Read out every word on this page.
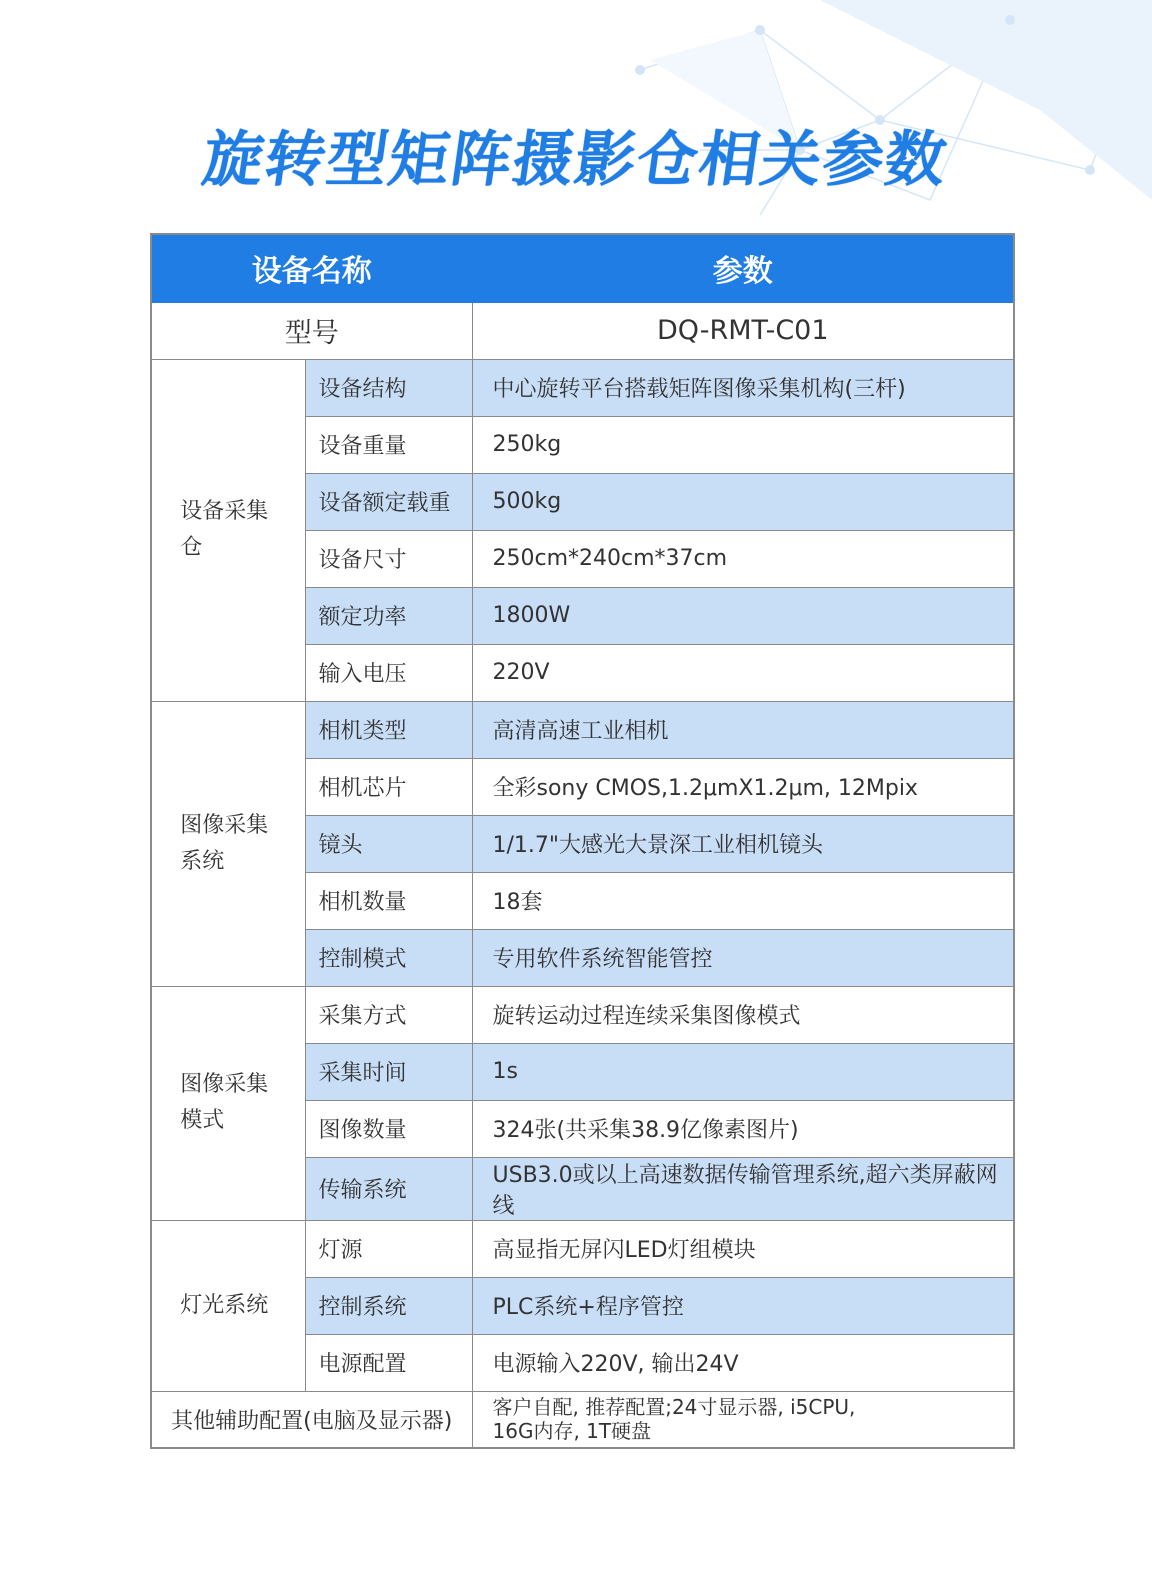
旋转型矩阵摄影仓相关参数
设备名称		参数
型号		DQ-RMT-C01
设备采集仓	设备结构	中心旋转平台搭载矩阵图像采集机构(三杆)
	设备重量	250kg
	设备额定载重	500kg
	设备尺寸	250cm*240cm*37cm
	额定功率	1800W
	输入电压	220V
图像采集系统	相机类型	高清高速工业相机
	相机芯片	全彩sony CMOS,1.2μmX1.2μm, 12Mpix
	镜头	1/1.7"大感光大景深工业相机镜头
	相机数量	18套
	控制模式	专用软件系统智能管控
图像采集模式	采集方式	旋转运动过程连续采集图像模式
	采集时间	1s
	图像数量	324张(共采集38.9亿像素图片)
	传输系统	USB3.0或以上高速数据传输管理系统,超六类屏蔽网线
灯光系统	灯源	高显指无屏闪LED灯组模块
	控制系统	PLC系统+程序管控
	电源配置	电源输入220V, 输出24V
其他辅助配置(电脑及显示器)		客户自配, 推荐配置;24寸显示器, i5CPU,
16G内存, 1T硬盘
